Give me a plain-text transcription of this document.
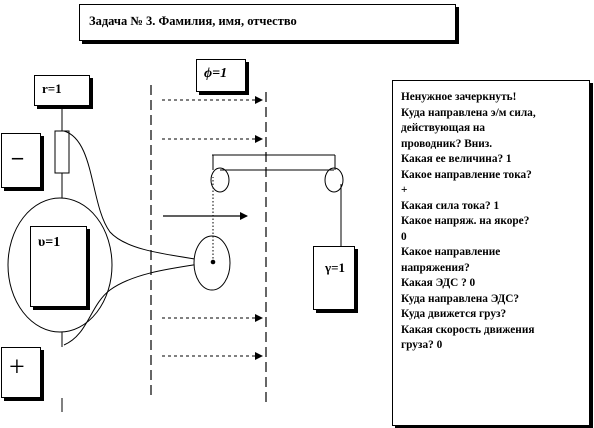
Задача № 3. Фамилия, имя, отчество
r=1
ϕ=1
–
+
υ=1
γ=1
Ненужное зачеркнуть!
Куда направлена э/м сила,
действующая на
проводник? Вниз.
Какая ее величина? 1
Какое направление тока?
+
Какая сила тока? 1
Какое напряж. на якоре?
0
Какое направление
напряжения?
Какая ЭДС ? 0
Куда направлена ЭДС?
Куда движется груз?
Какая скорость движения
груза? 0
